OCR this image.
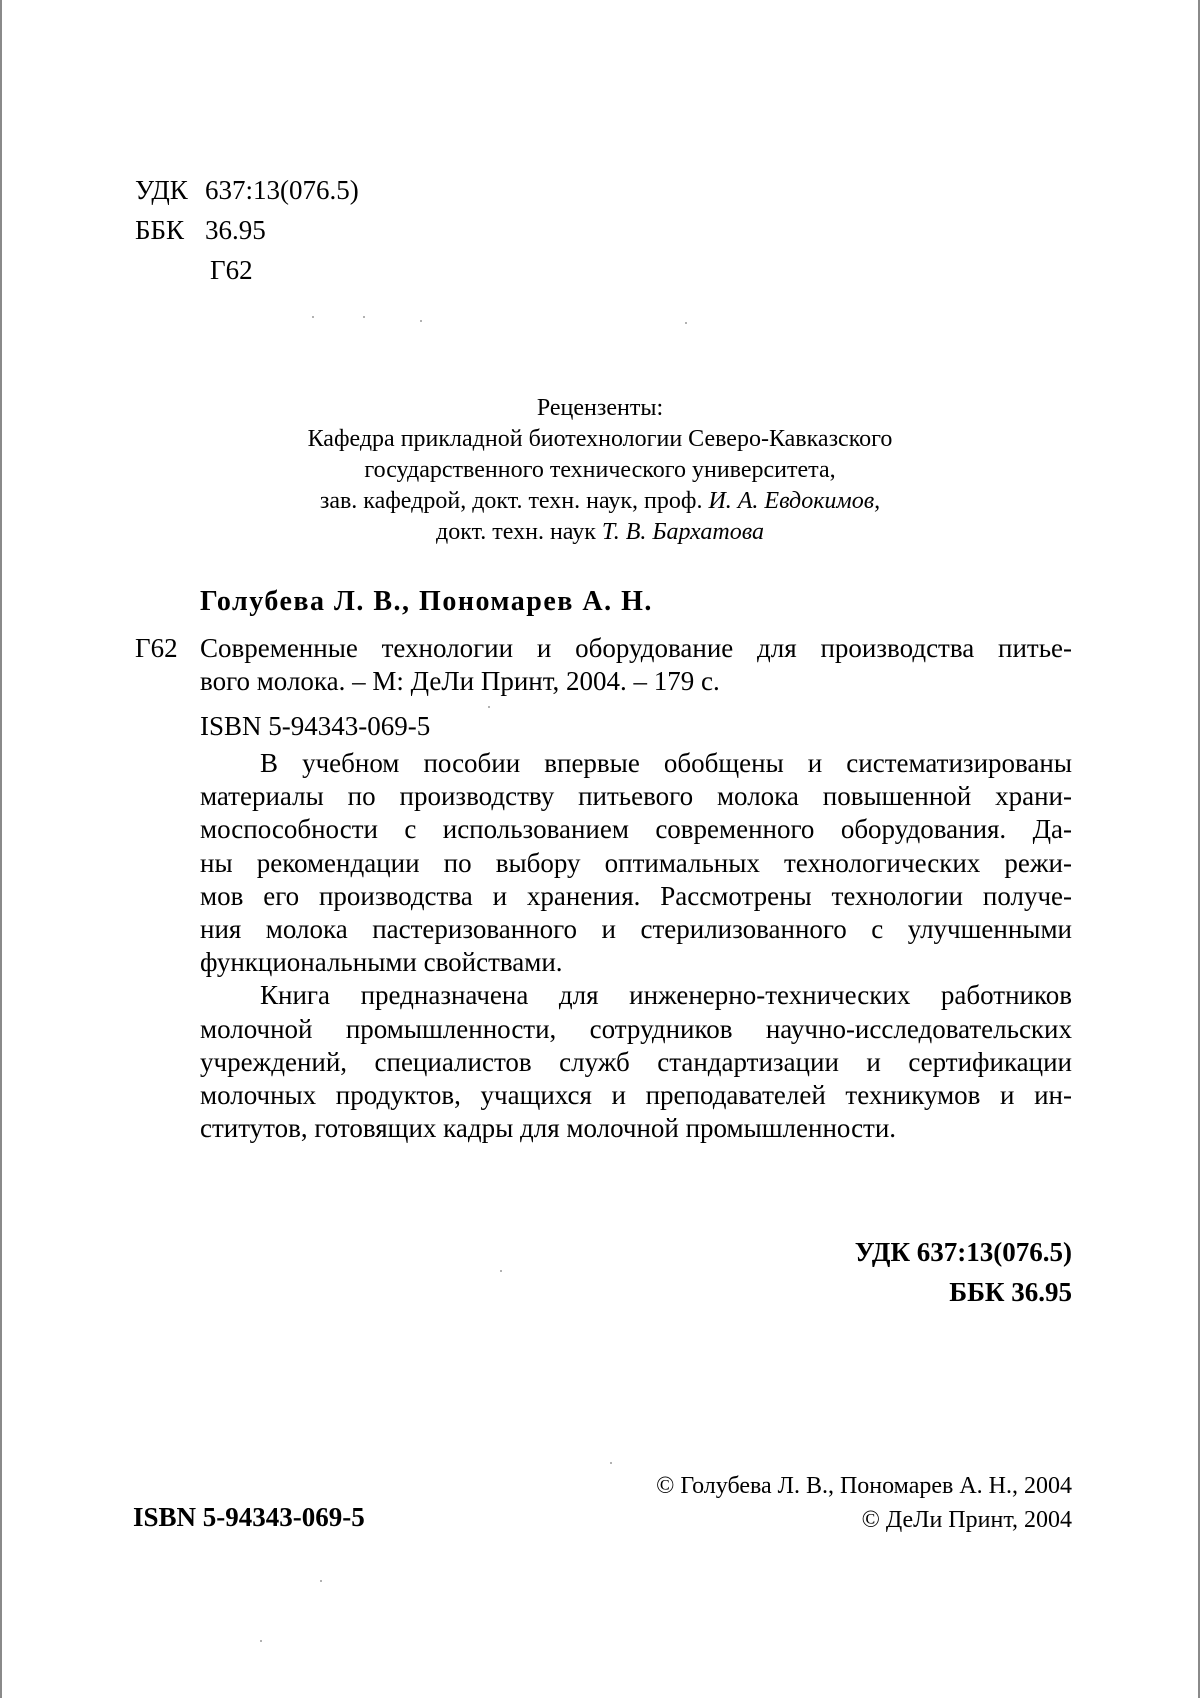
УДК 637:13(076.5)
ББК 36.95
Г62
Рецензенты:
Кафедра прикладной биотехнологии Северо-Кавказского
государственного технического университета,
зав. кафедрой, докт. техн. наук, проф. И. А. Евдокимов,
докт. техн. наук Т. В. Бархатова
Голубева Л. В., Пономарев А. Н.
Г62 Современные технологии и оборудование для производства питье-
вого молока. – М: ДеЛи Принт, 2004. – 179 с.
ISBN 5-94343-069-5
В учебном пособии впервые обобщены и систематизированы
материалы по производству питьевого молока повышенной храни-
моспособности с использованием современного оборудования. Да-
ны рекомендации по выбору оптимальных технологических режи-
мов его производства и хранения. Рассмотрены технологии получе-
ния молока пастеризованного и стерилизованного с улучшенными
функциональными свойствами.
Книга предназначена для инженерно-технических работников
молочной промышленности, сотрудников научно-исследовательских
учреждений, специалистов служб стандартизации и сертификации
молочных продуктов, учащихся и преподавателей техникумов и ин-
ститутов, готовящих кадры для молочной промышленности.
УДК 637:13(076.5)
ББК 36.95
ISBN 5-94343-069-5
© Голубева Л. В., Пономарев А. Н., 2004
© ДеЛи Принт, 2004
